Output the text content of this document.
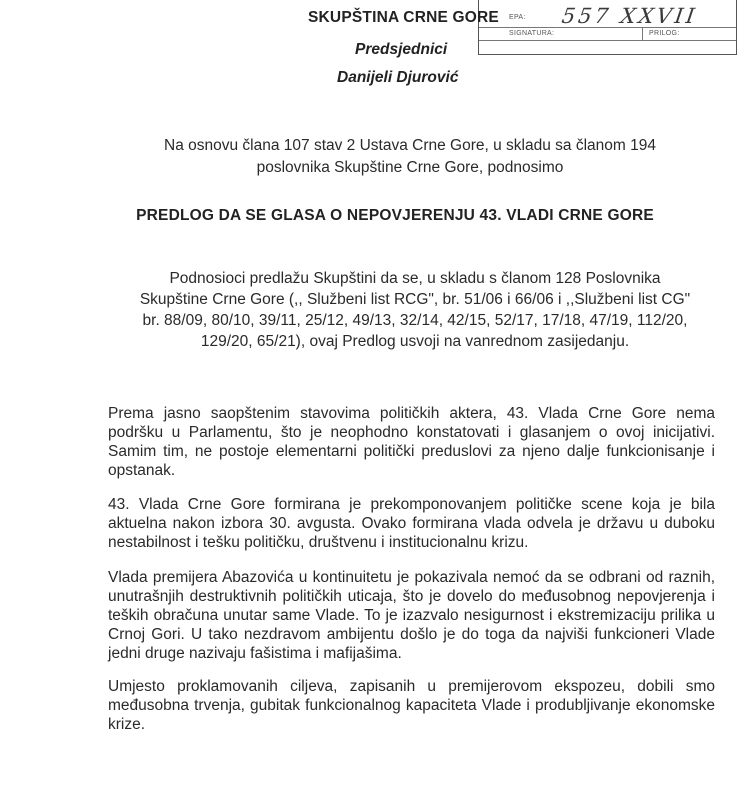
EPA:
SIGNATURA:	PRILOG:
557 XXVII
SKUPŠTINA CRNE GORE
Predsjednici
Danijeli Djurović
Na osnovu člana 107 stav 2 Ustava Crne Gore, u skladu sa članom 194 poslovnika Skupštine Crne Gore, podnosimo
PREDLOG DA SE GLASA O NEPOVJERENJU 43. VLADI CRNE GORE
Podnosioci predlažu Skupštini da se, u skladu s članom 128 Poslovnika Skupštine Crne Gore (,, Službeni list RCG", br. 51/06 i 66/06 i ,,Službeni list CG" br. 88/09, 80/10, 39/11, 25/12, 49/13, 32/14, 42/15, 52/17, 17/18, 47/19, 112/20, 129/20, 65/21), ovaj Predlog usvoji na vanrednom zasijedanju.

Prema jasno saopštenim stavovima političkih aktera, 43. Vlada Crne Gore nema podršku u Parlamentu, što je neophodno konstatovati i glasanjem o ovoj inicijativi. Samim tim, ne postoje elementarni politički preduslovi za njeno dalje funkcionisanje i opstanak.

43. Vlada Crne Gore formirana je prekomponovanjem političke scene koja je bila aktuelna nakon izbora 30. avgusta. Ovako formirana vlada odvela je državu u duboku nestabilnost i tešku političku, društvenu i institucionalnu krizu.

Vlada premijera Abazovića u kontinuitetu je pokazivala nemoć da se odbrani od raznih, unutrašnjih destruktivnih političkih uticaja, što je dovelo do međusobnog nepovjerenja i teških obračuna unutar same Vlade. To je izazvalo nesigurnost i ekstremizaciju prilika u Crnoj Gori. U tako nezdravom ambijentu došlo je do toga da najviši funkcioneri Vlade jedni druge nazivaju fašistima i mafijašima.

Umjesto proklamovanih ciljeva, zapisanih u premijerovom ekspozeu, dobili smo međusobna trvenja, gubitak funkcionalnog kapaciteta Vlade i produbljivanje ekonomske krize.
